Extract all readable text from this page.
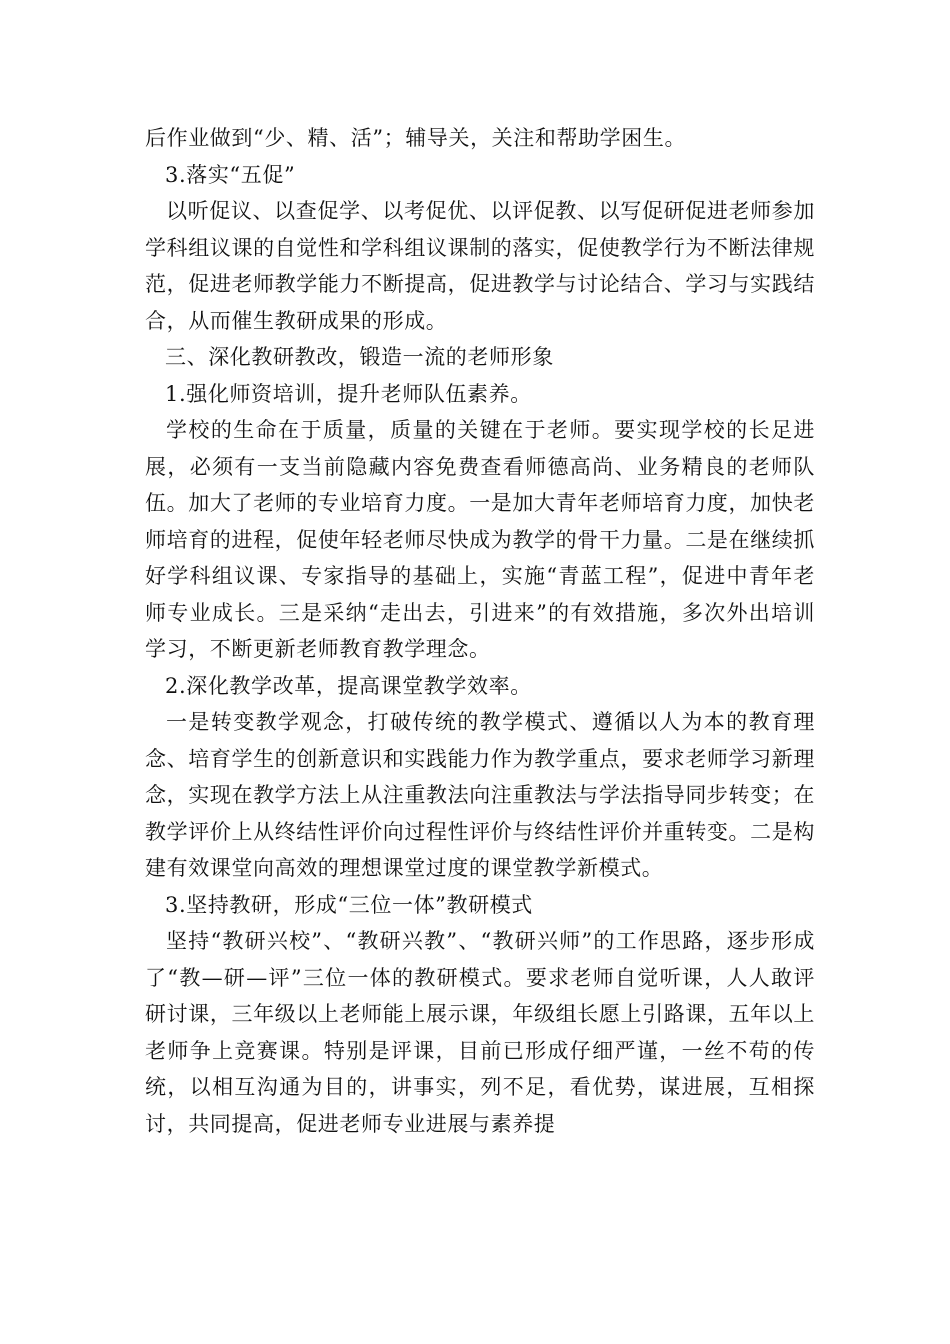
后作业做到“少、精、活”；辅导关，关注和帮助学困生。

3.落实“五促”

以听促议、以查促学、以考促优、以评促教、以写促研促进老师参加学科组议课的自觉性和学科组议课制的落实，促使教学行为不断法律规范，促进老师教学能力不断提高，促进教学与讨论结合、学习与实践结合，从而催生教研成果的形成。

三、深化教研教改，锻造一流的老师形象

1.强化师资培训，提升老师队伍素养。

学校的生命在于质量，质量的关键在于老师。要实现学校的长足进展，必须有一支当前隐藏内容免费查看师德高尚、业务精良的老师队伍。加大了老师的专业培育力度。一是加大青年老师培育力度，加快老师培育的进程，促使年轻老师尽快成为教学的骨干力量。二是在继续抓好学科组议课、专家指导的基础上，实施“青蓝工程”，促进中青年老师专业成长。三是采纳“走出去，引进来”的有效措施，多次外出培训学习，不断更新老师教育教学理念。

2.深化教学改革，提高课堂教学效率。

一是转变教学观念，打破传统的教学模式、遵循以人为本的教育理念、培育学生的创新意识和实践能力作为教学重点，要求老师学习新理念，实现在教学方法上从注重教法向注重教法与学法指导同步转变；在教学评价上从终结性评价向过程性评价与终结性评价并重转变。二是构建有效课堂向高效的理想课堂过度的课堂教学新模式。

3.坚持教研，形成“三位一体”教研模式

坚持“教研兴校”、“教研兴教”、“教研兴师”的工作思路，逐步形成了“教—研—评”三位一体的教研模式。要求老师自觉听课，人人敢评研讨课，三年级以上老师能上展示课，年级组长愿上引路课，五年以上老师争上竞赛课。特别是评课，目前已形成仔细严谨，一丝不苟的传统，以相互沟通为目的，讲事实，列不足，看优势，谋进展，互相探讨，共同提高，促进老师专业进展与素养提
